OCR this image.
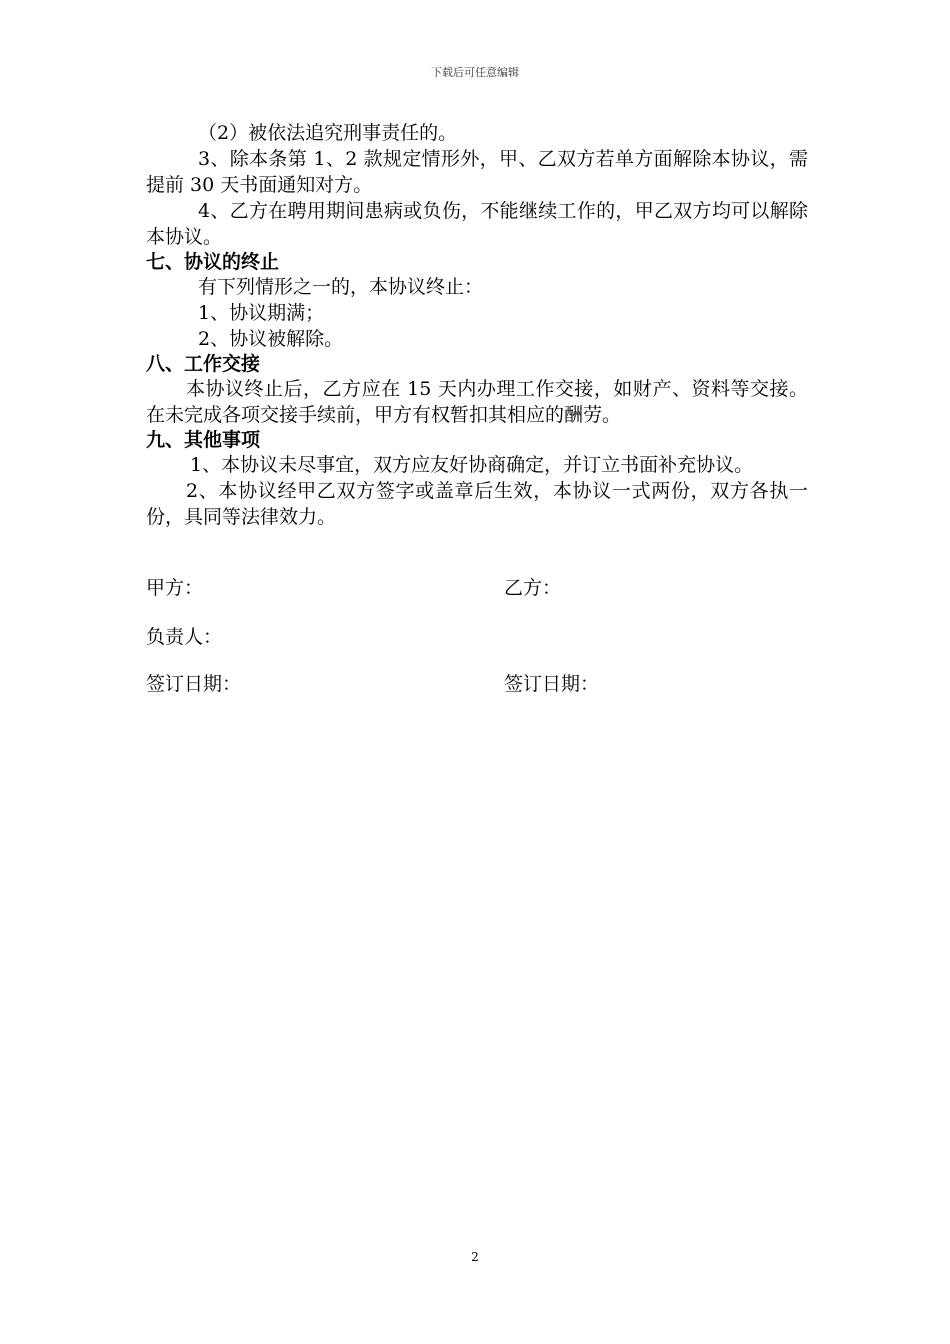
下载后可任意编辑

（2）被依法追究刑事责任的。

3、除本条第 1、2 款规定情形外，甲、乙双方若单方面解除本协议，需提前 30 天书面通知对方。

4、乙方在聘用期间患病或负伤，不能继续工作的，甲乙双方均可以解除本协议。

七、协议的终止

有下列情形之一的，本协议终止：

1、协议期满；

2、协议被解除。

八、工作交接

本协议终止后，乙方应在 15 天内办理工作交接，如财产、资料等交接。在未完成各项交接手续前，甲方有权暂扣其相应的酬劳。

九、其他事项

1、本协议未尽事宜，双方应友好协商确定，并订立书面补充协议。

2、本协议经甲乙双方签字或盖章后生效，本协议一式两份，双方各执一份，具同等法律效力。

甲方：	乙方：
负责人：
签订日期：	签订日期：
2
